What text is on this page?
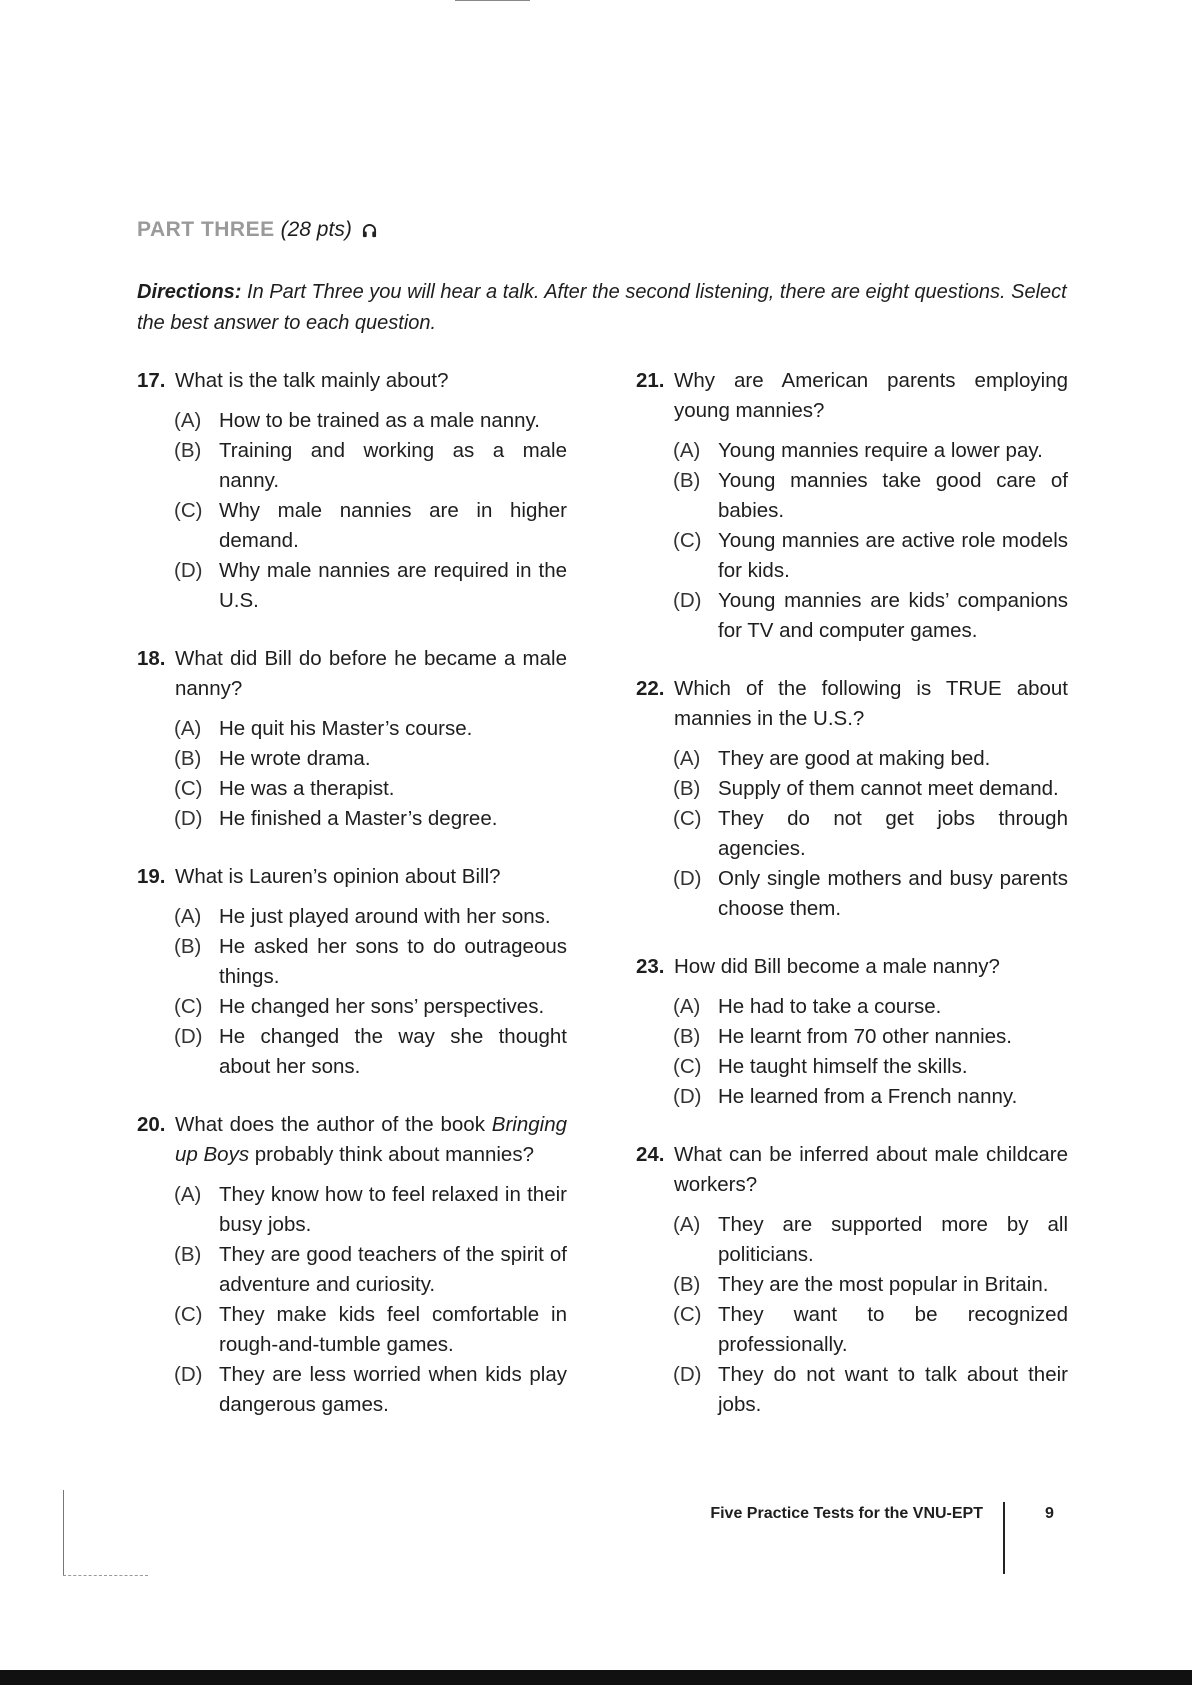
PART THREE (28 pts)
Directions: In Part Three you will hear a talk. After the second listening, there are eight questions. Select the best answer to each question.
17. What is the talk mainly about?
(A) How to be trained as a male nanny.
(B) Training and working as a male nanny.
(C) Why male nannies are in higher demand.
(D) Why male nannies are required in the U.S.
18. What did Bill do before he became a male nanny?
(A) He quit his Master’s course.
(B) He wrote drama.
(C) He was a therapist.
(D) He finished a Master’s degree.
19. What is Lauren’s opinion about Bill?
(A) He just played around with her sons.
(B) He asked her sons to do outrageous things.
(C) He changed her sons’ perspectives.
(D) He changed the way she thought about her sons.
20. What does the author of the book Bringing up Boys probably think about mannies?
(A) They know how to feel relaxed in their busy jobs.
(B) They are good teachers of the spirit of adventure and curiosity.
(C) They make kids feel comfortable in rough-and-tumble games.
(D) They are less worried when kids play dangerous games.
21. Why are American parents employing young mannies?
(A) Young mannies require a lower pay.
(B) Young mannies take good care of babies.
(C) Young mannies are active role models for kids.
(D) Young mannies are kids’ companions for TV and computer games.
22. Which of the following is TRUE about mannies in the U.S.?
(A) They are good at making bed.
(B) Supply of them cannot meet demand.
(C) They do not get jobs through agencies.
(D) Only single mothers and busy parents choose them.
23. How did Bill become a male nanny?
(A) He had to take a course.
(B) He learnt from 70 other nannies.
(C) He taught himself the skills.
(D) He learned from a French nanny.
24. What can be inferred about male childcare workers?
(A) They are supported more by all politicians.
(B) They are the most popular in Britain.
(C) They want to be recognized professionally.
(D) They do not want to talk about their jobs.
Five Practice Tests for the VNU-EPT	9
